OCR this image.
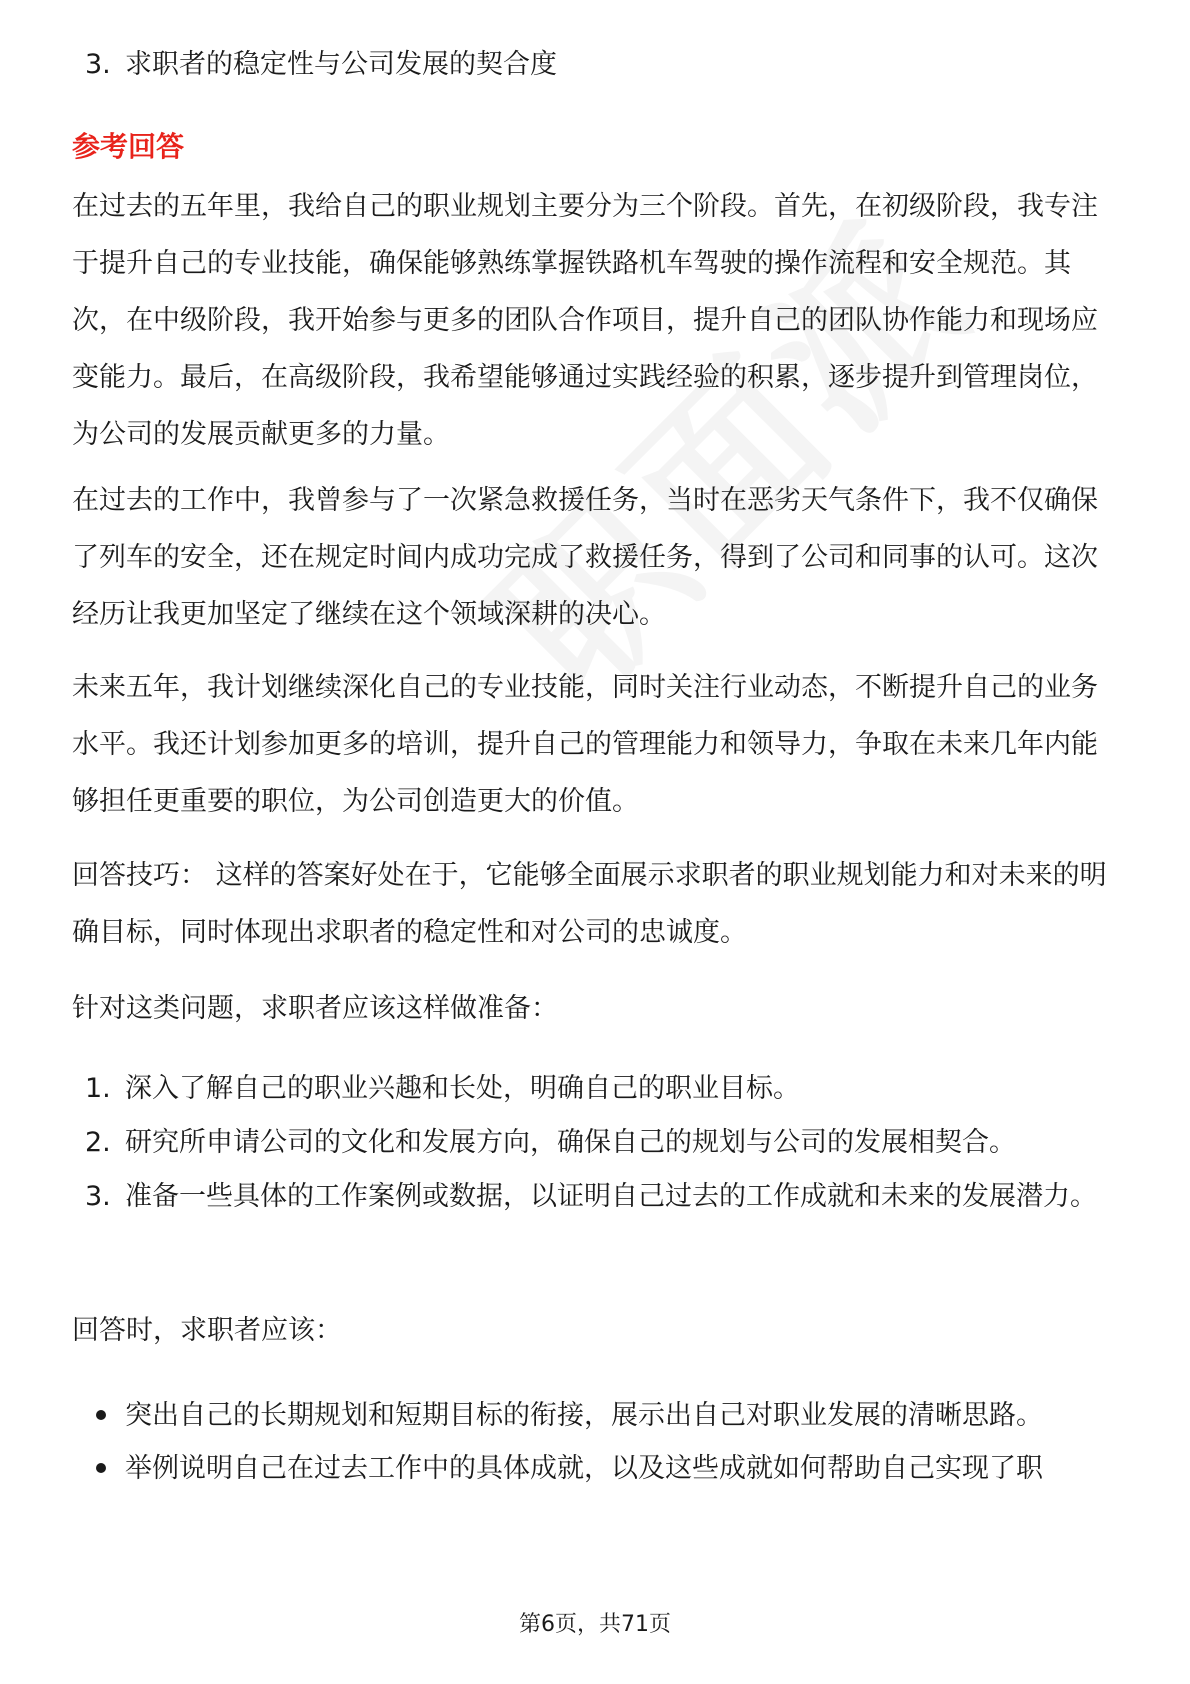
3. 求职者的稳定性与公司发展的契合度
参考回答

在过去的五年里，我给自己的职业规划主要分为三个阶段。首先，在初级阶段，我专注于提升自己的专业技能，确保能够熟练掌握铁路机车驾驶的操作流程和安全规范。其次，在中级阶段，我开始参与更多的团队合作项目，提升自己的团队协作能力和现场应变能力。最后，在高级阶段，我希望能够通过实践经验的积累，逐步提升到管理岗位，为公司的发展贡献更多的力量。

在过去的工作中，我曾参与了一次紧急救援任务，当时在恶劣天气条件下，我不仅确保了列车的安全，还在规定时间内成功完成了救援任务，得到了公司和同事的认可。这次经历让我更加坚定了继续在这个领域深耕的决心。

未来五年，我计划继续深化自己的专业技能，同时关注行业动态，不断提升自己的业务水平。我还计划参加更多的培训，提升自己的管理能力和领导力，争取在未来几年内能够担任更重要的职位，为公司创造更大的价值。

回答技巧： 这样的答案好处在于，它能够全面展示求职者的职业规划能力和对未来的明确目标，同时体现出求职者的稳定性和对公司的忠诚度。

针对这类问题，求职者应该这样做准备：

1. 深入了解自己的职业兴趣和长处，明确自己的职业目标。
2. 研究所申请公司的文化和发展方向，确保自己的规划与公司的发展相契合。
3. 准备一些具体的工作案例或数据，以证明自己过去的工作成就和未来的发展潜力。

回答时，求职者应该：

突出自己的长期规划和短期目标的衔接，展示出自己对职业发展的清晰思路。
举例说明自己在过去工作中的具体成就，以及这些成就如何帮助自己实现了职
第6页，共71页
